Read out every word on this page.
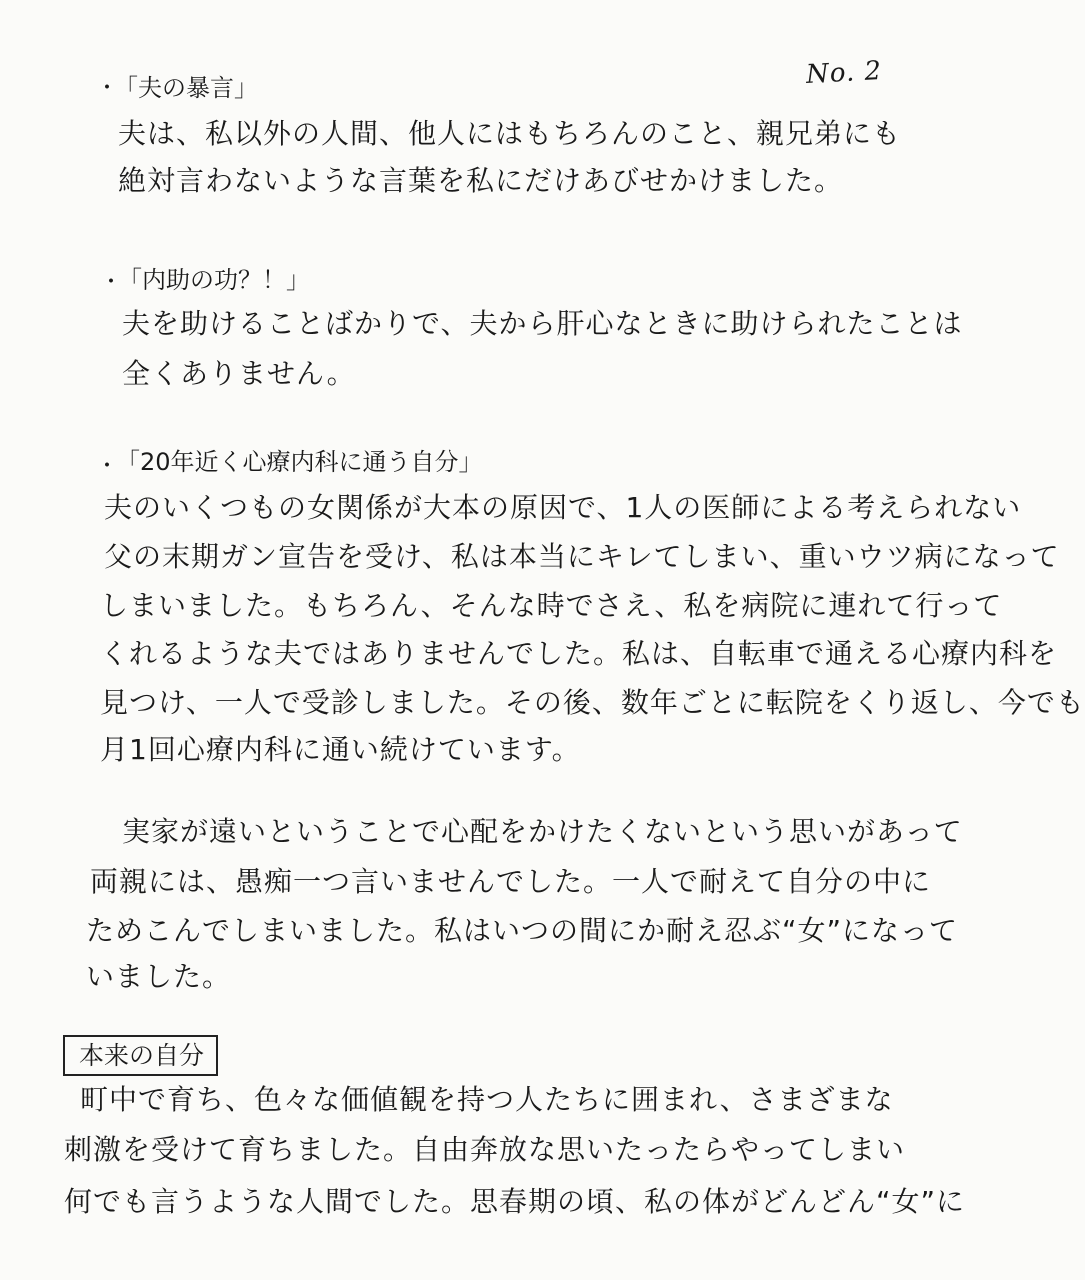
No. 2
・
「夫の暴言」
夫は、私以外の人間、他人にはもちろんのこと、親兄弟にも
絶対言わないような言葉を私にだけあびせかけました。
・
「内助の功？！」
夫を助けることばかりで、夫から肝心なときに助けられたことは
全くありません。
・
「20年近く心療内科に通う自分」
夫のいくつもの女関係が大本の原因で、1人の医師による考えられない
父の末期ガン宣告を受け、私は本当にキレてしまい、重いウツ病になって
しまいました。もちろん、そんな時でさえ、私を病院に連れて行って
くれるような夫ではありませんでした。私は、自転車で通える心療内科を
見つけ、一人で受診しました。その後、数年ごとに転院をくり返し、今でも
月1回心療内科に通い続けています。
実家が遠いということで心配をかけたくないという思いがあって
両親には、愚痴一つ言いませんでした。一人で耐えて自分の中に
ためこんでしまいました。私はいつの間にか耐え忍ぶ“女”になって
いました。
本来の自分
町中で育ち、色々な価値観を持つ人たちに囲まれ、さまざまな
刺激を受けて育ちました。自由奔放な思いたったらやってしまい
何でも言うような人間でした。思春期の頃、私の体がどんどん“女”に
